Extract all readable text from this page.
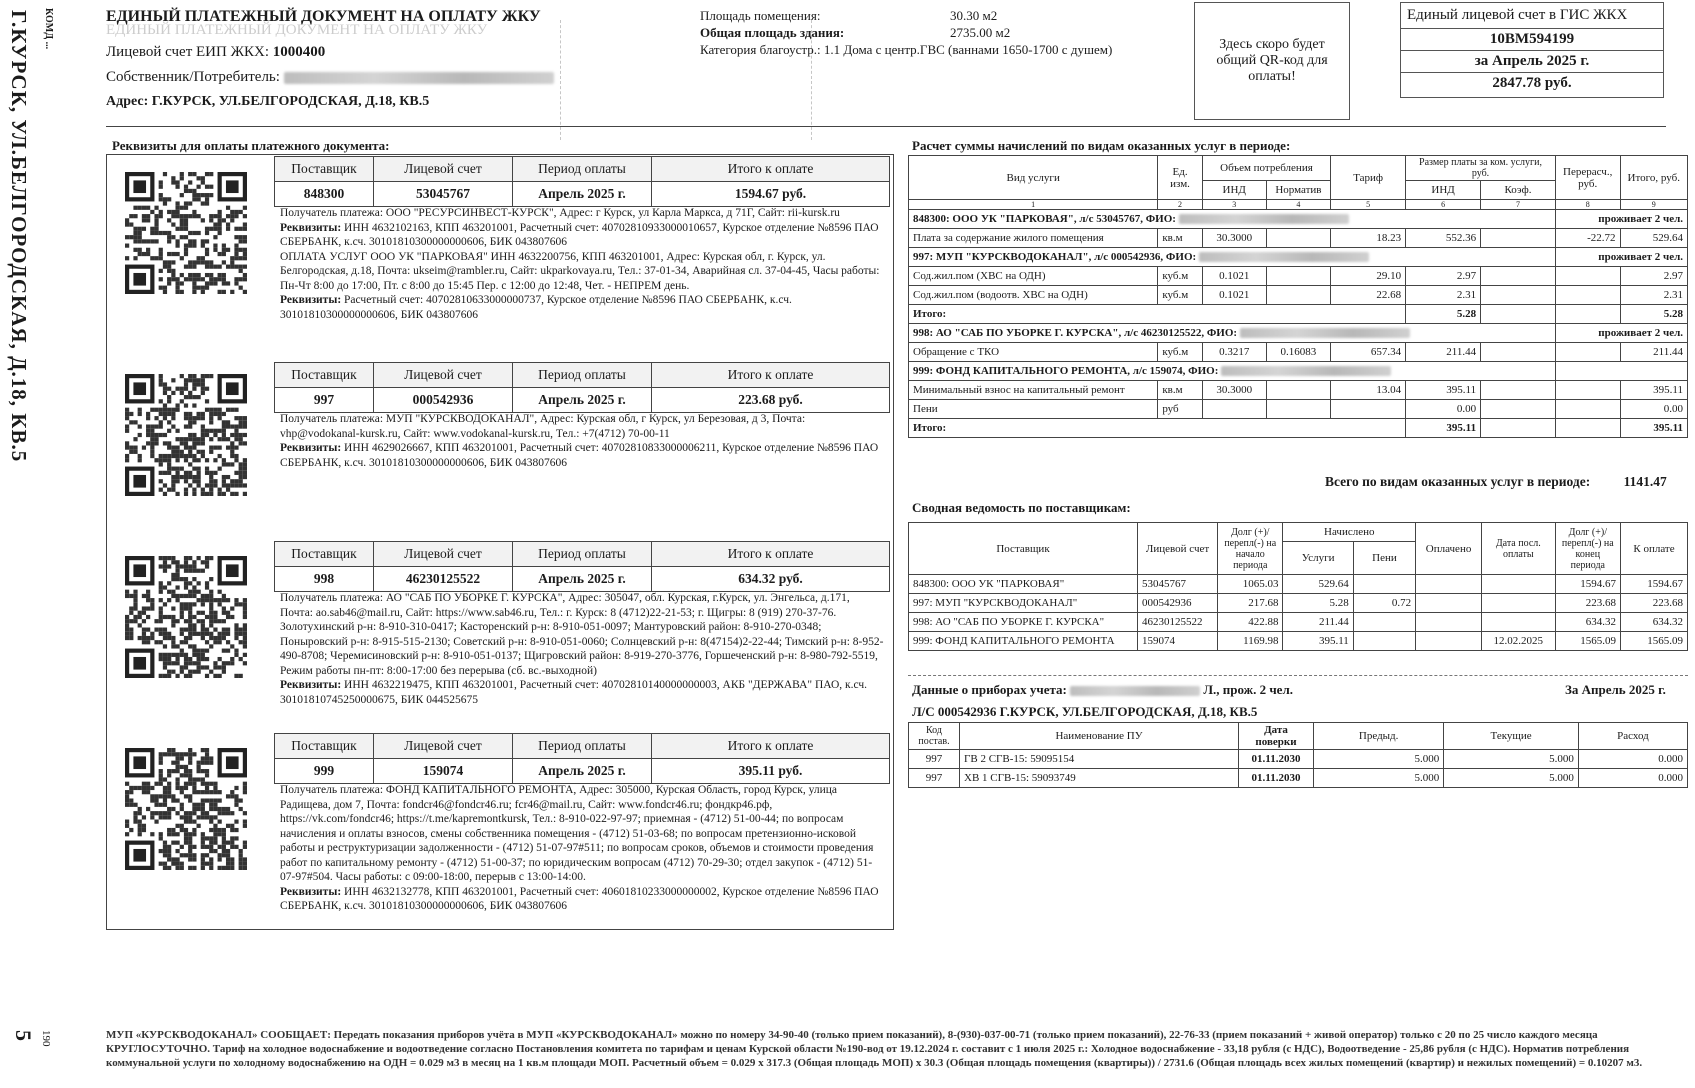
КОМД ...
Г.КУРСК, УЛ.БЕЛГОРОДСКАЯ, Д.18, КВ.5
5 190
ЕДИНЫЙ ПЛАТЕЖНЫЙ ДОКУМЕНТ НА ОПЛАТУ ЖКУ
ЕДИНЫЙ ПЛАТЕЖНЫЙ ДОКУМЕНТ НА ОПЛАТУ ЖКУ
Лицевой счет ЕИП ЖКХ: 1000400
Собственник/Потребитель:
Адрес: Г.КУРСК, УЛ.БЕЛГОРОДСКАЯ, Д.18, КВ.5
Площадь помещения:	30.30 м2
Общая площадь здания:	2735.00 м2
Категория благоустр.: 1.1 Дома с центр.ГВС (ваннами 1650-1700 с душем)	Здесь скоро будет общий QR-код для оплаты!
Единый лицевой счет в ГИС ЖКХ
10ВМ594199
за Апрель 2025 г.
2847.78 руб.
Реквизиты для оплаты платежного документа:
Поставщик	Лицевой счет	Период оплаты	Итого к оплате
848300	53045767	Апрель 2025 г.	1594.67 руб.
Получатель платежа: ООО "РЕСУРСИНВЕСТ-КУРСК", Адрес: г Курск, ул Карла Маркса, д 71Г, Сайт: rii-kursk.ru
Реквизиты: ИНН 4632102163, КПП 463201001, Расчетный счет: 40702810933000010657, Курское отделение №8596 ПАО СБЕРБАНК, к.сч. 30101810300000000606, БИК 043807606
ОПЛАТА УСЛУГ ООО УК "ПАРКОВАЯ" ИНН 4632200756, КПП 463201001, Адрес: Курская обл, г. Курск, ул. Белгородская, д.18, Почта: ukseim@rambler.ru, Сайт: ukparkovaya.ru, Тел.: 37-01-34, Аварийная сл. 37-04-45, Часы работы: Пн-Чт 8:00 до 17:00, Пт. с 8:00 до 15:45 Пер. с 12:00 до 12:48, Чет. - НЕПРЕМ день.
Реквизиты: Расчетный счет: 40702810633000000737, Курское отделение №8596 ПАО СБЕРБАНК, к.сч. 30101810300000000606, БИК 043807606
Поставщик	Лицевой счет	Период оплаты	Итого к оплате
997	000542936	Апрель 2025 г.	223.68 руб.
Получатель платежа: МУП "КУРСКВОДОКАНАЛ", Адрес: Курская обл, г Курск, ул Березовая, д 3, Почта: vhp@vodokanal-kursk.ru, Сайт: www.vodokanal-kursk.ru, Тел.: +7(4712) 70-00-11
Реквизиты: ИНН 4629026667, КПП 463201001, Расчетный счет: 40702810833000006211, Курское отделение №8596 ПАО СБЕРБАНК, к.сч. 30101810300000000606, БИК 043807606
Поставщик	Лицевой счет	Период оплаты	Итого к оплате
998	46230125522	Апрель 2025 г.	634.32 руб.
Получатель платежа: АО "САБ ПО УБОРКЕ Г. КУРСКА", Адрес: 305047, обл. Курская, г.Курск, ул. Энгельса, д.171, Почта: ao.sab46@mail.ru, Сайт: https://www.sab46.ru, Тел.: г. Курск: 8 (4712)22-21-53; г. Щигры: 8 (919) 270-37-76. Золотухинский р-н: 8-910-310-0417; Касторенский р-н: 8-910-051-0097; Мантуровский район: 8-910-270-0348; Поныровский р-н: 8-915-515-2130; Советский р-н: 8-910-051-0060; Солнцевский р-н: 8(47154)2-22-44; Тимский р-н: 8-952-490-8708; Черемисиновский р-н: 8-910-051-0137; Щигровский район: 8-919-270-3776, Горшеченский р-н: 8-980-792-5519, Режим работы пн-пт: 8:00-17:00 без перерыва (сб. вс.-выходной)
Реквизиты: ИНН 4632219475, КПП 463201001, Расчетный счет: 40702810140000000003, АКБ "ДЕРЖАВА" ПАО, к.сч. 30101810745250000675, БИК 044525675
Поставщик	Лицевой счет	Период оплаты	Итого к оплате
999	159074	Апрель 2025 г.	395.11 руб.
Получатель платежа: ФОНД КАПИТАЛЬНОГО РЕМОНТА, Адрес: 305000, Курская Область, город Курск, улица Радищева, дом 7, Почта: fondcr46@fondcr46.ru; fcr46@mail.ru, Сайт: www.fondcr46.ru; фондкр46.рф, https://vk.com/fondcr46; https://t.me/kapremontkursk, Тел.: 8-910-022-97-97; приемная - (4712) 51-00-44; по вопросам начисления и оплаты взносов, смены собственника помещения - (4712) 51-03-68; по вопросам претензионно-исковой работы и реструктуризации задолженности - (4712) 51-07-97#511; по вопросам сроков, объемов и стоимости проведения работ по капитальному ремонту - (4712) 51-00-37; по юридическим вопросам (4712) 70-29-30; отдел закупок - (4712) 51-07-97#504. Часы работы: с 09:00-18:00, перерыв с 13:00-14:00.
Реквизиты: ИНН 4632132778, КПП 463201001, Расчетный счет: 40601810233000000002, Курское отделение №8596 ПАО СБЕРБАНК, к.сч. 30101810300000000606, БИК 043807606
Расчет суммы начислений по видам оказанных услуг в периоде:
Вид услуги	Ед. изм.	Объем потребления		Тариф	Размер платы за ком. услуги, руб.		Перерасч., руб.	Итого, руб.
		ИНД	Норматив		ИНД	Коэф.		
1	2	3	4	5	6	7	8	9
848300: ООО УК "ПАРКОВАЯ", л/с 53045767, ФИО:							проживает 2 чел.	
Плата за содержание жилого помещения	кв.м	30.3000		18.23	552.36		-22.72	529.64
997: МУП "КУРСКВОДОКАНАЛ", л/с 000542936, ФИО:							проживает 2 чел.	
Сод.жил.пом (ХВС на ОДН)	куб.м	0.1021		29.10	2.97			2.97
Сод.жил.пом (водоотв. ХВС на ОДН)	куб.м	0.1021		22.68	2.31			2.31
Итого:					5.28			5.28
998: АО "САБ ПО УБОРКЕ Г. КУРСКА", л/с 46230125522, ФИО:							проживает 2 чел.	
Обращение с ТКО	куб.м	0.3217	0.16083	657.34	211.44			211.44
999: ФОНД КАПИТАЛЬНОГО РЕМОНТА, л/с 159074, ФИО:								
Минимальный взнос на капитальный ремонт	кв.м	30.3000		13.04	395.11			395.11
Пени	руб				0.00			0.00
Итого:					395.11			395.11
Всего по видам оказанных услуг в периоде: 1141.47
Сводная ведомость по поставщикам:
Поставщик	Лицевой счет	Долг (+)/ перепл(-) на начало периода	Начислено		Оплачено	Дата посл. оплаты	Долг (+)/ перепл(-) на конец периода	К оплате
			Услуги	Пени				
848300: ООО УК "ПАРКОВАЯ"	53045767	1065.03	529.64				1594.67	1594.67
997: МУП "КУРСКВОДОКАНАЛ"	000542936	217.68	5.28	0.72			223.68	223.68
998: АО "САБ ПО УБОРКЕ Г. КУРСКА"	46230125522	422.88	211.44				634.32	634.32
999: ФОНД КАПИТАЛЬНОГО РЕМОНТА	159074	1169.98	395.11			12.02.2025	1565.09	1565.09
Данные о приборах учета:	Л., прож. 2 чел.	За Апрель 2025 г.
Л/С 000542936 Г.КУРСК, УЛ.БЕЛГОРОДСКАЯ, Д.18, КВ.5
Код постав.	Наименование ПУ	Дата поверки	Предыд.	Текущие	Расход
997	ГВ 2 СГВ-15: 59095154	01.11.2030	5.000	5.000	0.000
997	ХВ 1 СГВ-15: 59093749	01.11.2030	5.000	5.000	0.000
МУП «КУРСКВОДОКАНАЛ» СООБЩАЕТ: Передать показания приборов учёта в МУП «КУРСКВОДОКАНАЛ» можно по номеру 34-90-40 (только прием показаний), 8-(930)-037-00-71 (только прием показаний), 22-76-33 (прием показаний + живой оператор) только с 20 по 25 число каждого месяца КРУГЛОСУТОЧНО. Тариф на холодное водоснабжение и водоотведение согласно Постановления комитета по тарифам и ценам Курской области №190-вод от 19.12.2024 г. составит с 1 июля 2025 г.: Холодное водоснабжение - 33,18 рубля (с НДС), Водоотведение - 25,86 рубля (с НДС). Норматив потребления коммунальной услуги по холодному водоснабжению на ОДН = 0.029 м3 в месяц на 1 кв.м площади МОП. Расчетный объем = 0.029 x 317.3 (Общая площадь МОП) x 30.3 (Общая площадь помещения (квартиры)) / 2731.6 (Общая площадь всех жилых помещений (квартир) и нежилых помещений) = 0.10207 м3.
